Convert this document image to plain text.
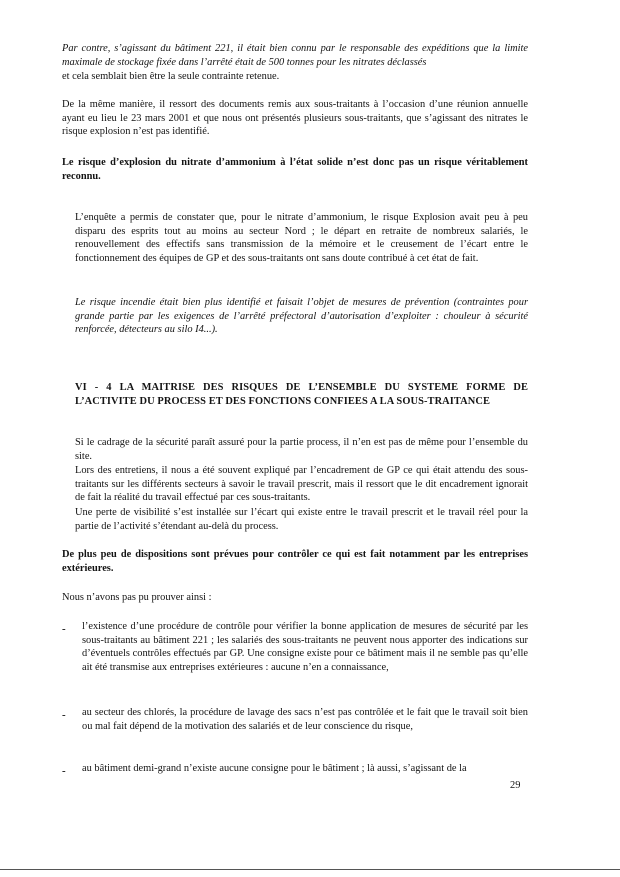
Par contre, s’agissant du bâtiment 221, il était bien connu par le responsable des expéditions que la limite maximale de stockage fixée dans l’arrêté était de 500 tonnes pour les nitrates déclassés

et cela semblait bien être la seule contrainte retenue.

De la même manière, il ressort des documents remis aux sous-traitants à l’occasion d’une réunion annuelle ayant eu lieu le 23 mars 2001 et que nous ont présentés plusieurs sous-traitants, que s’agissant des nitrates le risque explosion n’est pas identifié.

Le risque d’explosion du nitrate d’ammonium à l’état solide n’est donc pas un risque véritablement reconnu.

L’enquête a permis de constater que, pour le nitrate d’ammonium, le risque Explosion avait peu à peu disparu des esprits tout au moins au secteur Nord ; le départ en retraite de nombreux salariés, le renouvellement des effectifs sans transmission de la mémoire et le creusement de l’écart entre le fonctionnement des équipes de GP et des sous-traitants ont sans doute contribué à cet état de fait.

Le risque incendie était bien plus identifié et faisait l’objet de mesures de prévention (contraintes pour grande partie par les exigences de l’arrêté préfectoral d’autorisation d’exploiter : chouleur à sécurité renforcée, détecteurs au silo I4...).

VI - 4 LA MAITRISE DES RISQUES DE L’ENSEMBLE DU SYSTEME FORME DE L’ACTIVITE DU PROCESS ET DES FONCTIONS CONFIEES A LA SOUS-TRAITANCE

Si le cadrage de la sécurité paraît assuré pour la partie process, il n’en est pas de même pour l’ensemble du site.

Lors des entretiens, il nous a été souvent expliqué par l’encadrement de GP ce qui était attendu des sous-traitants sur les différents secteurs à savoir le travail prescrit, mais il ressort que le dit encadrement ignorait de fait la réalité du travail effectué par ces sous-traitants.

Une perte de visibilité s’est installée sur l’écart qui existe entre le travail prescrit et le travail réel pour la partie de l’activité s’étendant au-delà du process.

De plus peu de dispositions sont prévues pour contrôler ce qui est fait notamment par les entreprises extérieures.

Nous n’avons pas pu prouver ainsi :

- l’existence d’une procédure de contrôle pour vérifier la bonne application de mesures de sécurité par les sous-traitants au bâtiment 221 ; les salariés des sous-traitants ne peuvent nous apporter des indications sur d’éventuels contrôles effectués par GP. Une consigne existe pour ce bâtiment mais il ne semble pas qu’elle ait été transmise aux entreprises extérieures : aucune n’en a connaissance,

- au secteur des chlorés, la procédure de lavage des sacs n’est pas contrôlée et le fait que le travail soit bien ou mal fait dépend de la motivation des salariés et de leur conscience du risque,

- au bâtiment demi-grand n’existe aucune consigne pour le bâtiment ; là aussi, s’agissant de la

29
